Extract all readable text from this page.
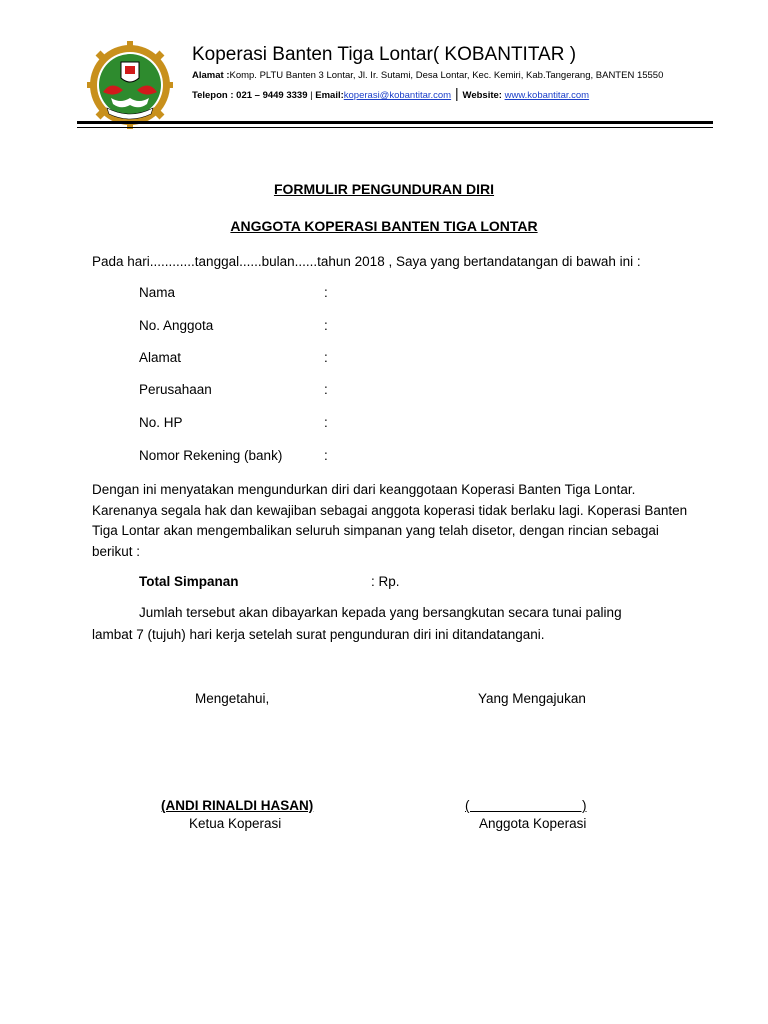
Koperasi Banten Tiga Lontar( KOBANTITAR )
Alamat :Komp. PLTU Banten 3 Lontar, Jl. Ir. Sutami, Desa Lontar, Kec. Kemiri, Kab.Tangerang, BANTEN 15550
Telepon : 021 – 9449 3339 | Email:koperasi@kobantitar.com | Website: www.kobantitar.com
FORMULIR PENGUNDURAN DIRI
ANGGOTA KOPERASI BANTEN TIGA LONTAR
Pada hari............tanggal......bulan......tahun 2018 , Saya yang bertandatangan di bawah ini :
Nama	:
No. Anggota	:
Alamat	:
Perusahaan	:
No. HP	:
Nomor Rekening (bank)	:
Dengan ini menyatakan mengundurkan diri dari keanggotaan Koperasi Banten Tiga Lontar. Karenanya segala hak dan kewajiban sebagai anggota koperasi tidak berlaku lagi. Koperasi Banten Tiga Lontar akan mengembalikan seluruh simpanan yang telah disetor, dengan rincian sebagai berikut :
Total Simpanan	: Rp.
Jumlah tersebut akan dibayarkan kepada yang bersangkutan secara tunai paling
lambat 7 (tujuh) hari kerja setelah surat pengunduran diri ini ditandatangani.
Mengetahui,	Yang Mengajukan
(ANDI RINALDI HASAN)	(                              )
Ketua Koperasi	Anggota Koperasi
